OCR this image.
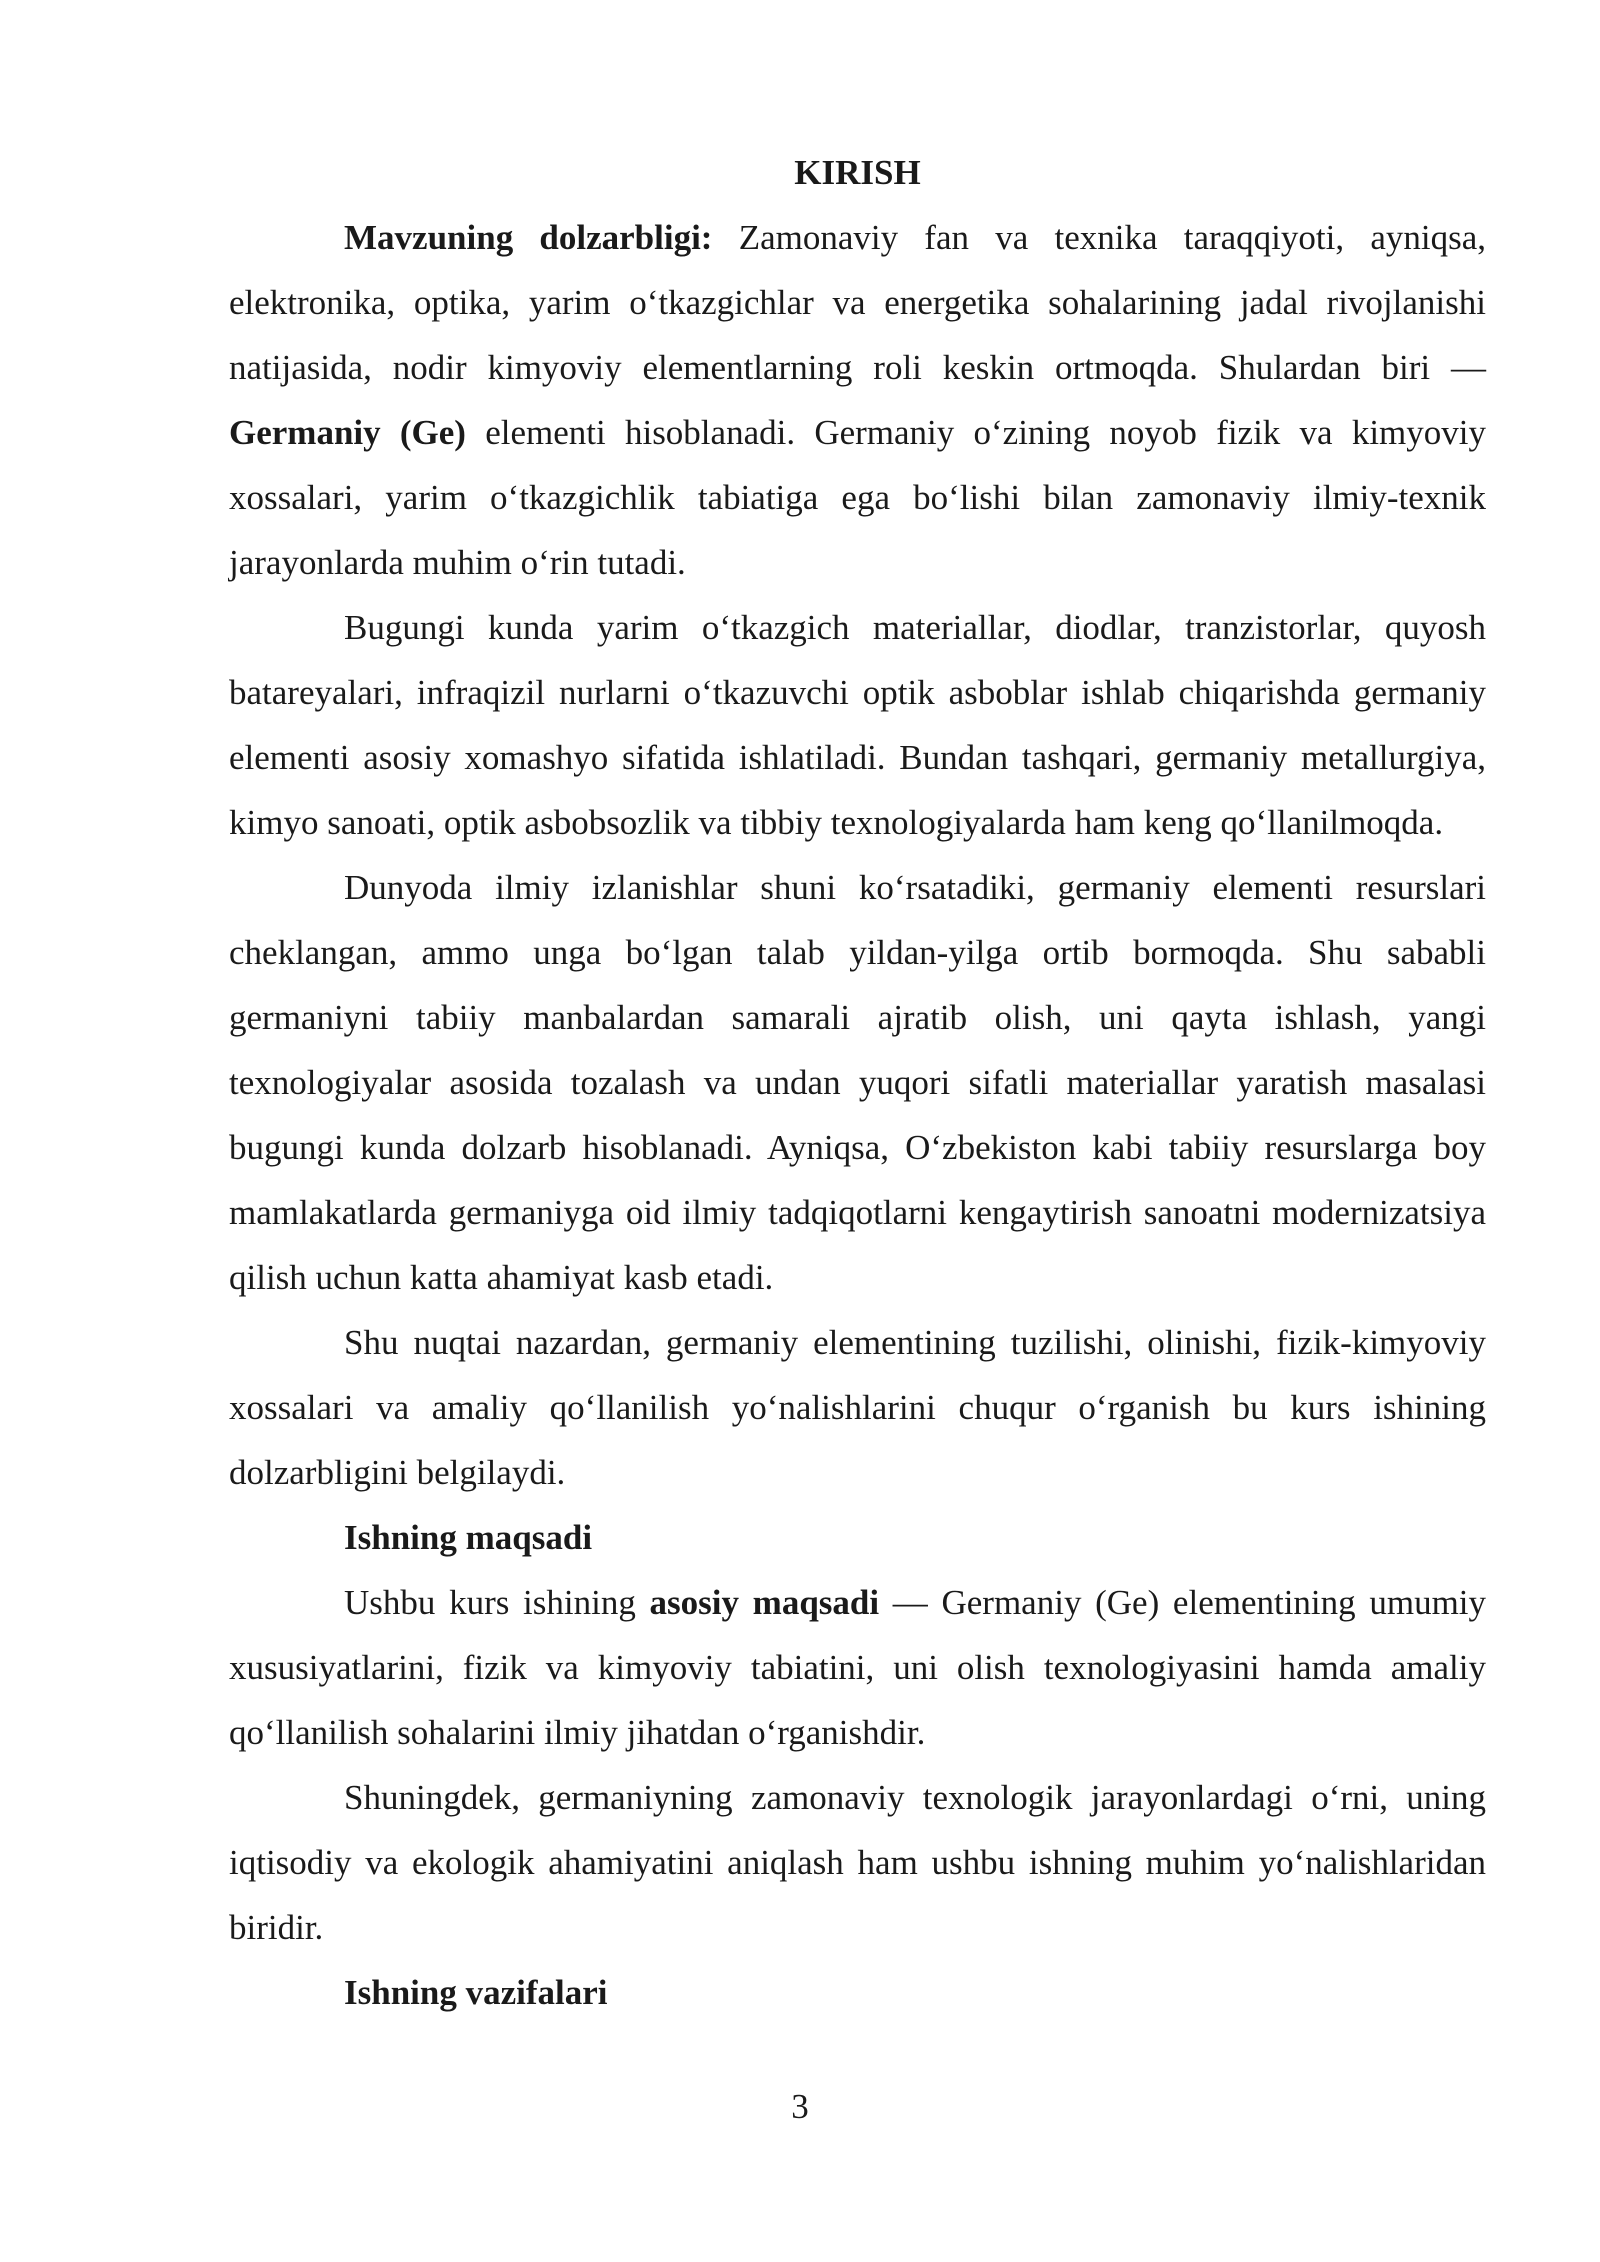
KIRISH

Mavzuning dolzarbligi: Zamonaviy fan va texnika taraqqiyoti, ayniqsa, elektronika, optika, yarim o‘tkazgichlar va energetika sohalarining jadal rivojlanishi natijasida, nodir kimyoviy elementlarning roli keskin ortmoqda. Shulardan biri — Germaniy (Ge) elementi hisoblanadi. Germaniy o‘zining noyob fizik va kimyoviy xossalari, yarim o‘tkazgichlik tabiatiga ega bo‘lishi bilan zamonaviy ilmiy-texnik jarayonlarda muhim o‘rin tutadi.

Bugungi kunda yarim o‘tkazgich materiallar, diodlar, tranzistorlar, quyosh batareyalari, infraqizil nurlarni o‘tkazuvchi optik asboblar ishlab chiqarishda germaniy elementi asosiy xomashyo sifatida ishlatiladi. Bundan tashqari, germaniy metallurgiya, kimyo sanoati, optik asbobsozlik va tibbiy texnologiyalarda ham keng qo‘llanilmoqda.

Dunyoda ilmiy izlanishlar shuni ko‘rsatadiki, germaniy elementi resurslari cheklangan, ammo unga bo‘lgan talab yildan-yilga ortib bormoqda. Shu sababli germaniyni tabiiy manbalardan samarali ajratib olish, uni qayta ishlash, yangi texnologiyalar asosida tozalash va undan yuqori sifatli materiallar yaratish masalasi bugungi kunda dolzarb hisoblanadi. Ayniqsa, O‘zbekiston kabi tabiiy resurslarga boy mamlakatlarda germaniyga oid ilmiy tadqiqotlarni kengaytirish sanoatni modernizatsiya qilish uchun katta ahamiyat kasb etadi.

Shu nuqtai nazardan, germaniy elementining tuzilishi, olinishi, fizik-kimyoviy xossalari va amaliy qo‘llanilish yo‘nalishlarini chuqur o‘rganish bu kurs ishining dolzarbligini belgilaydi.

Ishning maqsadi

Ushbu kurs ishining asosiy maqsadi — Germaniy (Ge) elementining umumiy xususiyatlarini, fizik va kimyoviy tabiatini, uni olish texnologiyasini hamda amaliy qo‘llanilish sohalarini ilmiy jihatdan o‘rganishdir.

Shuningdek, germaniyning zamonaviy texnologik jarayonlardagi o‘rni, uning iqtisodiy va ekologik ahamiyatini aniqlash ham ushbu ishning muhim yo‘nalishlaridan biridir.

Ishning vazifalari

3
